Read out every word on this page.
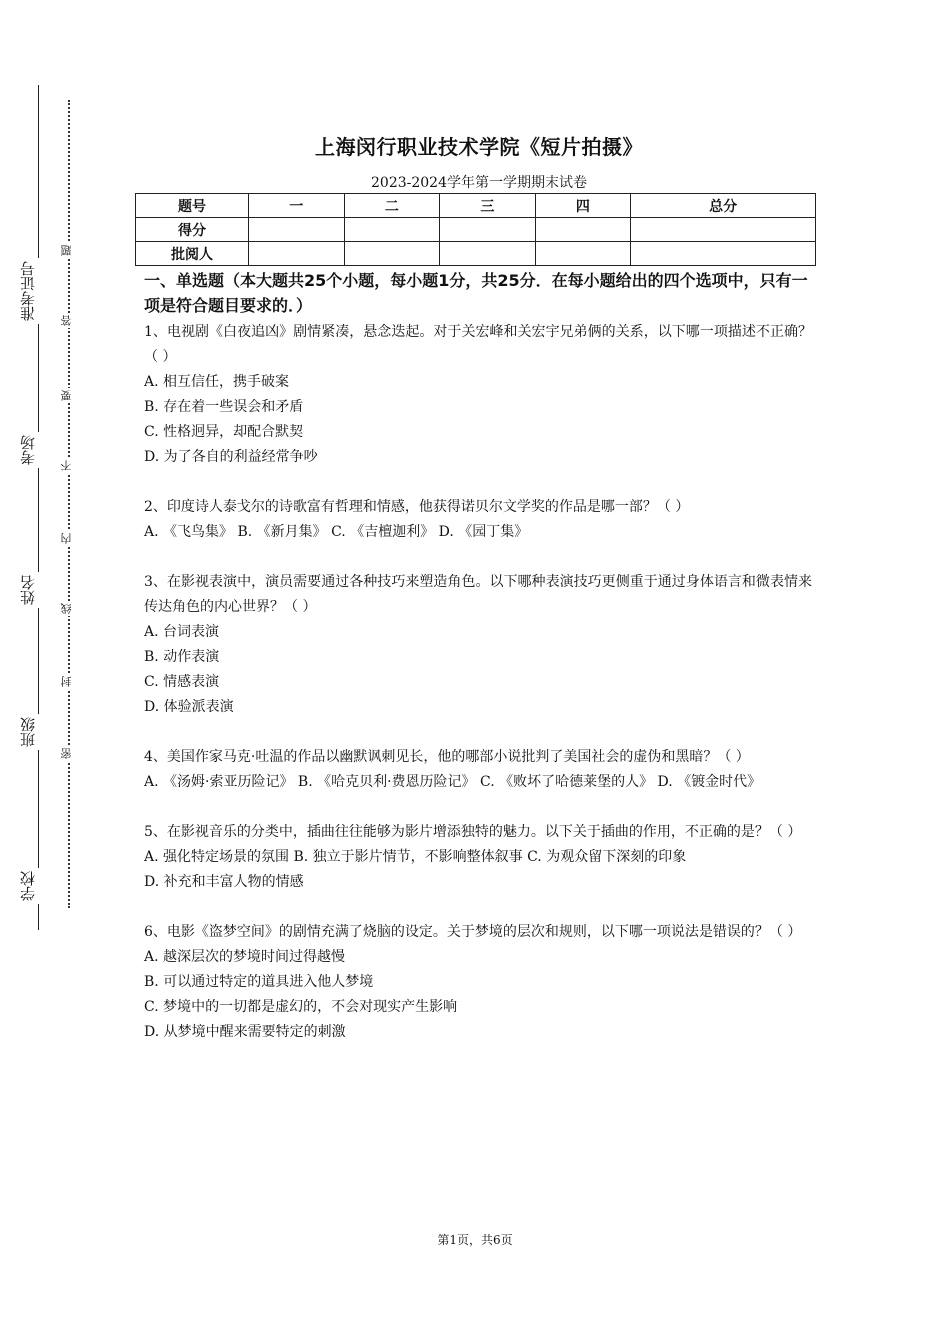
学校
班级
姓名
考场
准考证号
密
封
线
内
不
要
答
题
上海闵行职业技术学院《短片拍摄》
2023-2024学年第一学期期末试卷
题号	一	二	三	四	总分
得分					
批阅人					
一、单选题（本大题共25个小题，每小题1分，共25分．在每小题给出的四个选项中，只有一项是符合题目要求的．）
1、电视剧《白夜追凶》剧情紧凑，悬念迭起。对于关宏峰和关宏宇兄弟俩的关系，以下哪一项描述不正确？（ ）
A. 相互信任，携手破案
B. 存在着一些误会和矛盾
C. 性格迥异，却配合默契
D. 为了各自的利益经常争吵
2、印度诗人泰戈尔的诗歌富有哲理和情感，他获得诺贝尔文学奖的作品是哪一部？（ ）
A. 《飞鸟集》 B. 《新月集》 C. 《吉檀迦利》 D. 《园丁集》
3、在影视表演中，演员需要通过各种技巧来塑造角色。以下哪种表演技巧更侧重于通过身体语言和微表情来传达角色的内心世界？（ ）
A. 台词表演
B. 动作表演
C. 情感表演
D. 体验派表演
4、美国作家马克·吐温的作品以幽默讽刺见长，他的哪部小说批判了美国社会的虚伪和黑暗？（ ）
A. 《汤姆·索亚历险记》 B. 《哈克贝利·费恩历险记》 C. 《败坏了哈德莱堡的人》 D. 《镀金时代》
5、在影视音乐的分类中，插曲往往能够为影片增添独特的魅力。以下关于插曲的作用，不正确的是？（ ）
A. 强化特定场景的氛围 B. 独立于影片情节，不影响整体叙事 C. 为观众留下深刻的印象
D. 补充和丰富人物的情感
6、电影《盗梦空间》的剧情充满了烧脑的设定。关于梦境的层次和规则，以下哪一项说法是错误的？（ ）
A. 越深层次的梦境时间过得越慢
B. 可以通过特定的道具进入他人梦境
C. 梦境中的一切都是虚幻的，不会对现实产生影响
D. 从梦境中醒来需要特定的刺激
第1页，共6页
